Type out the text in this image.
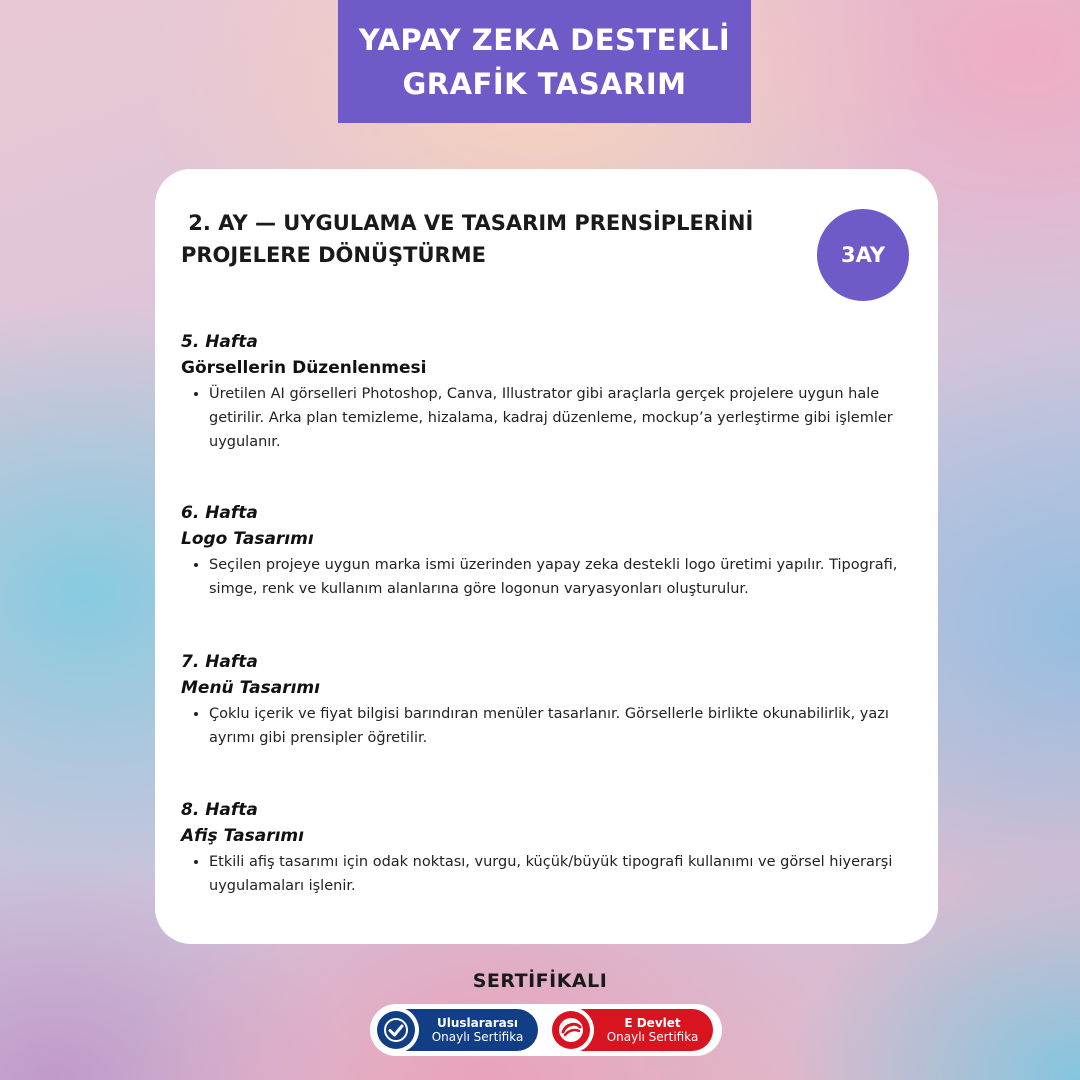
YAPAY ZEKA DESTEKLİ
GRAFİK TASARIM
2. AY — UYGULAMA VE TASARIM PRENSİPLERİNİ
PROJELERE DÖNÜŞTÜRME	3AY

5. Hafta

Görsellerin Düzenlenmesi

• Üretilen AI görselleri Photoshop, Canva, Illustrator gibi araçlarla gerçek projelere uygun hale getirilir. Arka plan temizleme, hizalama, kadraj düzenleme, mockup’a yerleştirme gibi işlemler uygulanır.

6. Hafta

Logo Tasarımı

• Seçilen projeye uygun marka ismi üzerinden yapay zeka destekli logo üretimi yapılır. Tipografi, simge, renk ve kullanım alanlarına göre logonun varyasyonları oluşturulur.

7. Hafta

Menü Tasarımı

• Çoklu içerik ve fiyat bilgisi barındıran menüler tasarlanır. Görsellerle birlikte okunabilirlik, yazı ayrımı gibi prensipler öğretilir.

8. Hafta

Afiş Tasarımı

• Etkili afiş tasarımı için odak noktası, vurgu, küçük/büyük tipografi kullanımı ve görsel hiyerarşi uygulamaları işlenir.
SERTİFİKALI
Uluslararası
Onaylı Sertifika
E Devlet
Onaylı Sertifika
